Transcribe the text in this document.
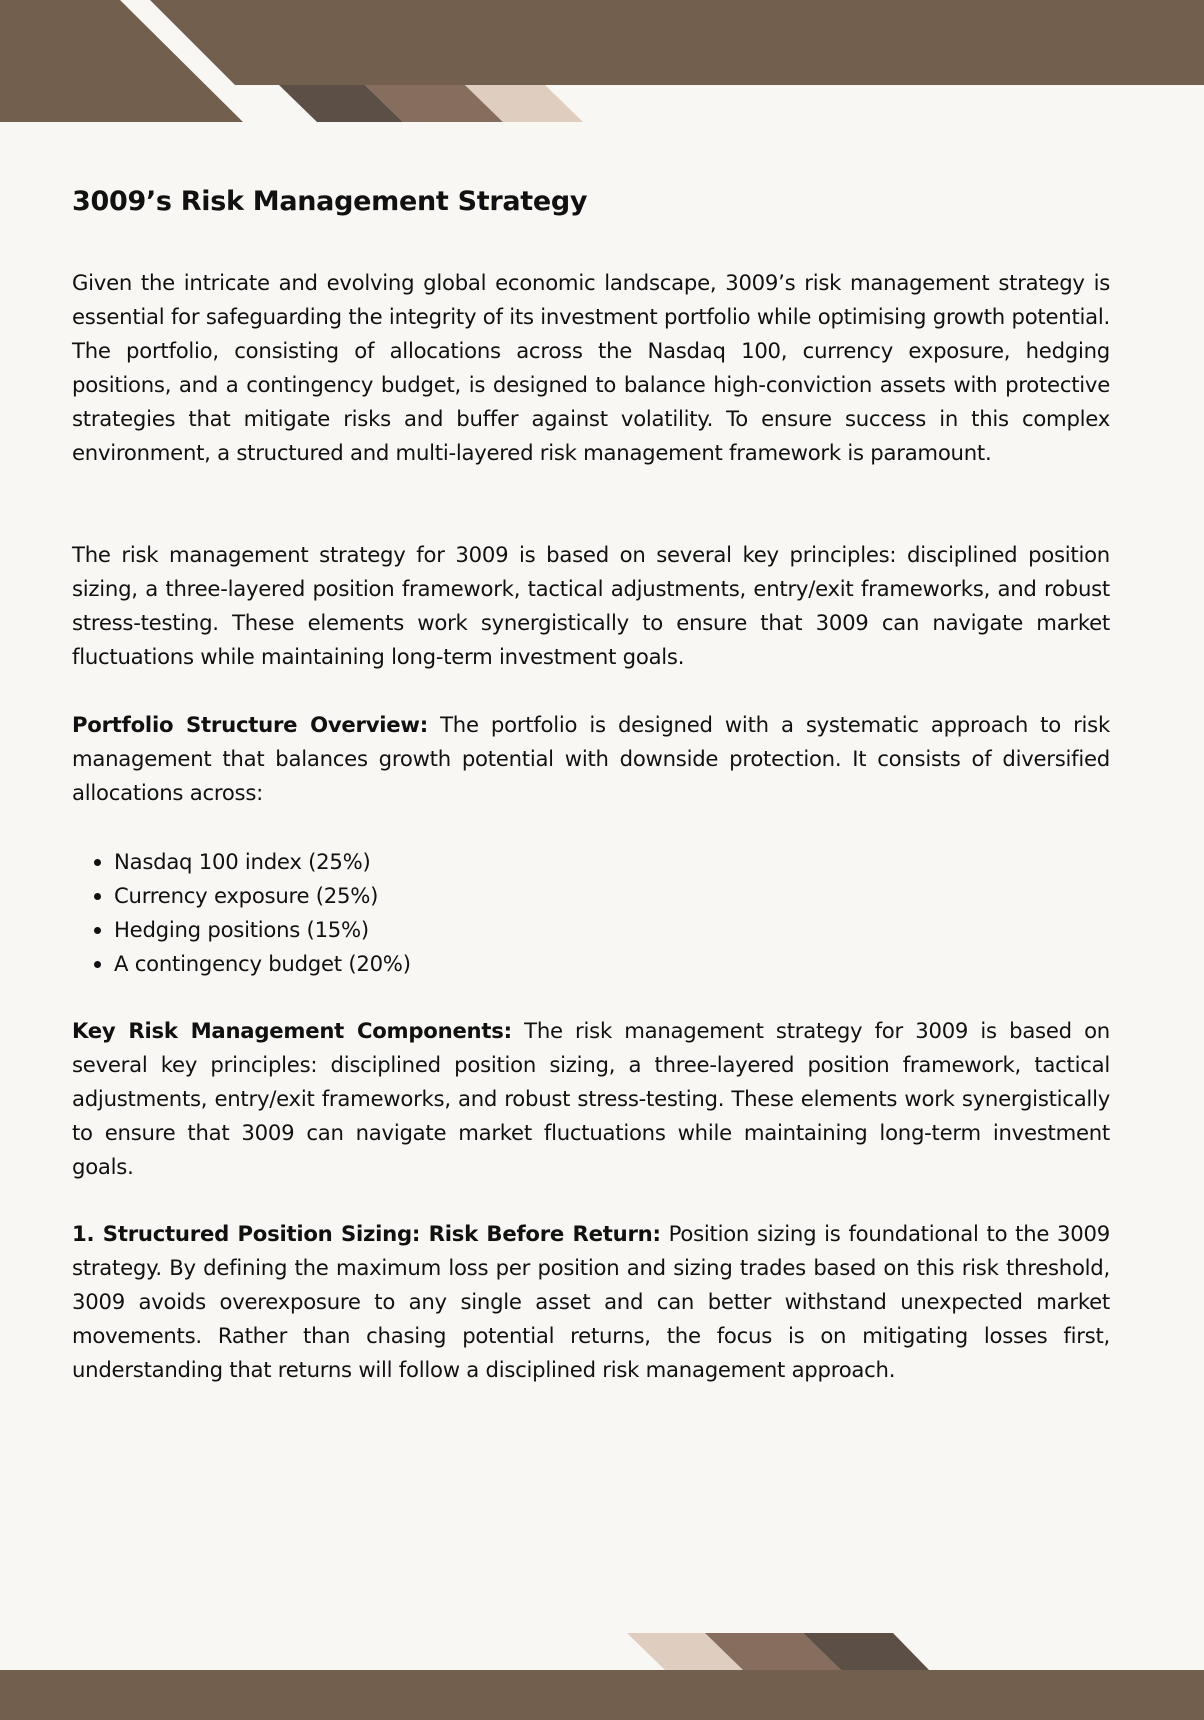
3009’s Risk Management Strategy

Given the intricate and evolving global economic landscape, 3009’s risk management strategy is essential for safeguarding the integrity of its investment portfolio while optimising growth potential. The portfolio, consisting of allocations across the Nasdaq 100, currency exposure, hedging positions, and a contingency budget, is designed to balance high-conviction assets with protective strategies that mitigate risks and buffer against volatility. To ensure success in this complex environment, a structured and multi-layered risk management framework is paramount.

The risk management strategy for 3009 is based on several key principles: disciplined position sizing, a three-layered position framework, tactical adjustments, entry/exit frameworks, and robust stress-testing. These elements work synergistically to ensure that 3009 can navigate market fluctuations while maintaining long-term investment goals.

Portfolio Structure Overview: The portfolio is designed with a systematic approach to risk management that balances growth potential with downside protection. It consists of diversified allocations across:

• Nasdaq 100 index (25%)
• Currency exposure (25%)
• Hedging positions (15%)
• A contingency budget (20%)

Key Risk Management Components: The risk management strategy for 3009 is based on several key principles: disciplined position sizing, a three-layered position framework, tactical adjustments, entry/exit frameworks, and robust stress-testing. These elements work synergistically to ensure that 3009 can navigate market fluctuations while maintaining long-term investment goals.

1. Structured Position Sizing: Risk Before Return: Position sizing is foundational to the 3009 strategy. By defining the maximum loss per position and sizing trades based on this risk threshold, 3009 avoids overexposure to any single asset and can better withstand unexpected market movements. Rather than chasing potential returns, the focus is on mitigating losses first, understanding that returns will follow a disciplined risk management approach.
